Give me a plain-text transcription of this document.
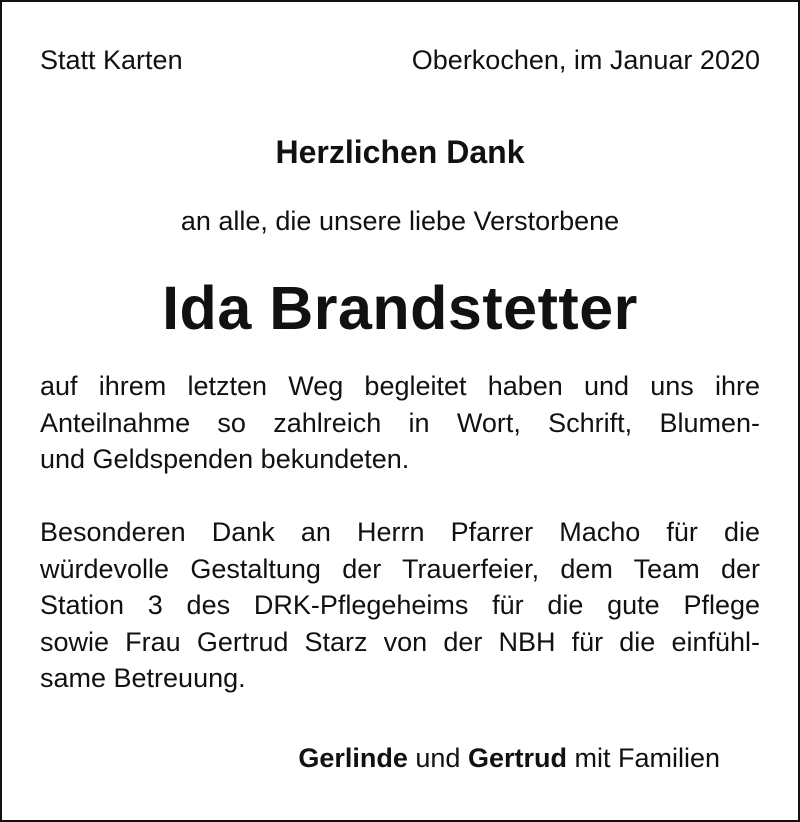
Statt Karten	Oberkochen, im Januar 2020
Herzlichen Dank
an alle, die unsere liebe Verstorbene
Ida Brandstetter
auf ihrem letzten Weg begleitet haben und uns ihre
Anteilnahme so zahlreich in Wort, Schrift, Blumen-
und Geldspenden bekundeten.
Besonderen Dank an Herrn Pfarrer Macho für die
würdevolle Gestaltung der Trauerfeier, dem Team der
Station 3 des DRK-Pflegeheims für die gute Pflege
sowie Frau Gertrud Starz von der NBH für die einfühl-
same Betreuung.
Gerlinde und Gertrud mit Familien
